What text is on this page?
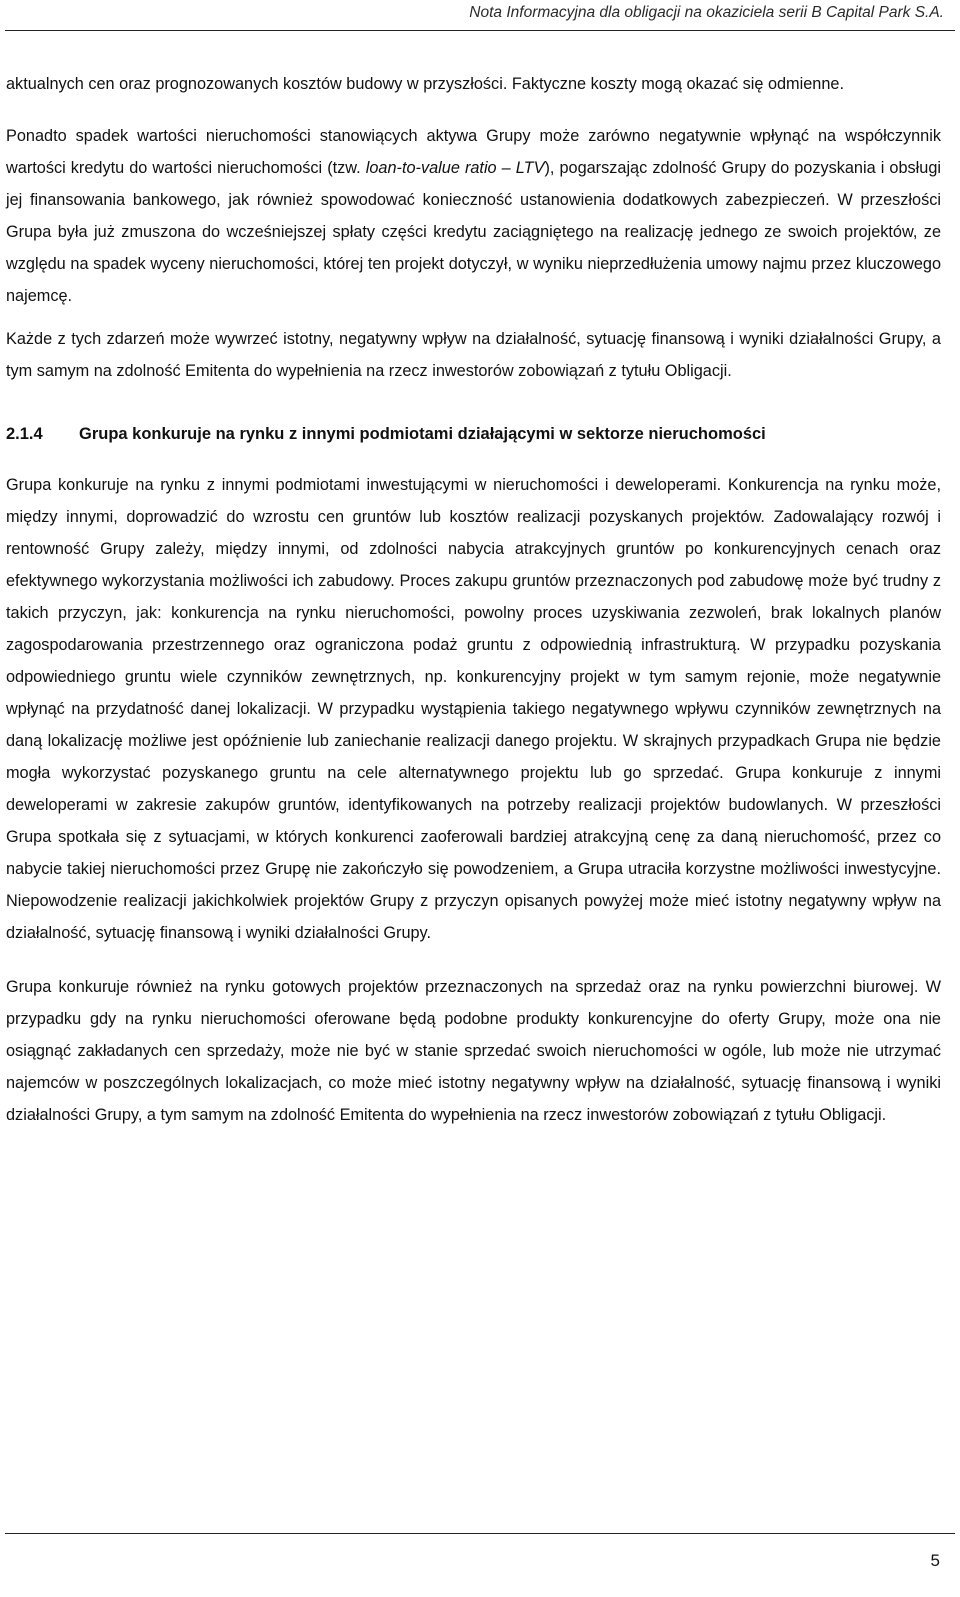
Nota Informacyjna dla obligacji na okaziciela serii B Capital Park S.A.

aktualnych cen oraz prognozowanych kosztów budowy w przyszłości. Faktyczne koszty mogą okazać się odmienne.

Ponadto spadek wartości nieruchomości stanowiących aktywa Grupy może zarówno negatywnie wpłynąć na współczynnik wartości kredytu do wartości nieruchomości (tzw. loan-to-value ratio – LTV), pogarszając zdolność Grupy do pozyskania i obsługi jej finansowania bankowego, jak również spowodować konieczność ustanowienia dodatkowych zabezpieczeń. W przeszłości Grupa była już zmuszona do wcześniejszej spłaty części kredytu zaciągniętego na realizację jednego ze swoich projektów, ze względu na spadek wyceny nieruchomości, której ten projekt dotyczył, w wyniku nieprzedłużenia umowy najmu przez kluczowego najemcę.

Każde z tych zdarzeń może wywrzeć istotny, negatywny wpływ na działalność, sytuację finansową i wyniki działalności Grupy, a tym samym na zdolność Emitenta do wypełnienia na rzecz inwestorów zobowiązań z tytułu Obligacji.

2.1.4	Grupa konkuruje na rynku z innymi podmiotami działającymi w sektorze nieruchomości

Grupa konkuruje na rynku z innymi podmiotami inwestującymi w nieruchomości i deweloperami. Konkurencja na rynku może, między innymi, doprowadzić do wzrostu cen gruntów lub kosztów realizacji pozyskanych projektów. Zadowalający rozwój i rentowność Grupy zależy, między innymi, od zdolności nabycia atrakcyjnych gruntów po konkurencyjnych cenach oraz efektywnego wykorzystania możliwości ich zabudowy. Proces zakupu gruntów przeznaczonych pod zabudowę może być trudny z takich przyczyn, jak: konkurencja na rynku nieruchomości, powolny proces uzyskiwania zezwoleń, brak lokalnych planów zagospodarowania przestrzennego oraz ograniczona podaż gruntu z odpowiednią infrastrukturą. W przypadku pozyskania odpowiedniego gruntu wiele czynników zewnętrznych, np. konkurencyjny projekt w tym samym rejonie, może negatywnie wpłynąć na przydatność danej lokalizacji. W przypadku wystąpienia takiego negatywnego wpływu czynników zewnętrznych na daną lokalizację możliwe jest opóźnienie lub zaniechanie realizacji danego projektu. W skrajnych przypadkach Grupa nie będzie mogła wykorzystać pozyskanego gruntu na cele alternatywnego projektu lub go sprzedać. Grupa konkuruje z innymi deweloperami w zakresie zakupów gruntów, identyfikowanych na potrzeby realizacji projektów budowlanych. W przeszłości Grupa spotkała się z sytuacjami, w których konkurenci zaoferowali bardziej atrakcyjną cenę za daną nieruchomość, przez co nabycie takiej nieruchomości przez Grupę nie zakończyło się powodzeniem, a Grupa utraciła korzystne możliwości inwestycyjne. Niepowodzenie realizacji jakichkolwiek projektów Grupy z przyczyn opisanych powyżej może mieć istotny negatywny wpływ na działalność, sytuację finansową i wyniki działalności Grupy.

Grupa konkuruje również na rynku gotowych projektów przeznaczonych na sprzedaż oraz na rynku powierzchni biurowej. W przypadku gdy na rynku nieruchomości oferowane będą podobne produkty konkurencyjne do oferty Grupy, może ona nie osiągnąć zakładanych cen sprzedaży, może nie być w stanie sprzedać swoich nieruchomości w ogóle, lub może nie utrzymać najemców w poszczególnych lokalizacjach, co może mieć istotny negatywny wpływ na działalność, sytuację finansową i wyniki działalności Grupy, a tym samym na zdolność Emitenta do wypełnienia na rzecz inwestorów zobowiązań z tytułu Obligacji.

5
